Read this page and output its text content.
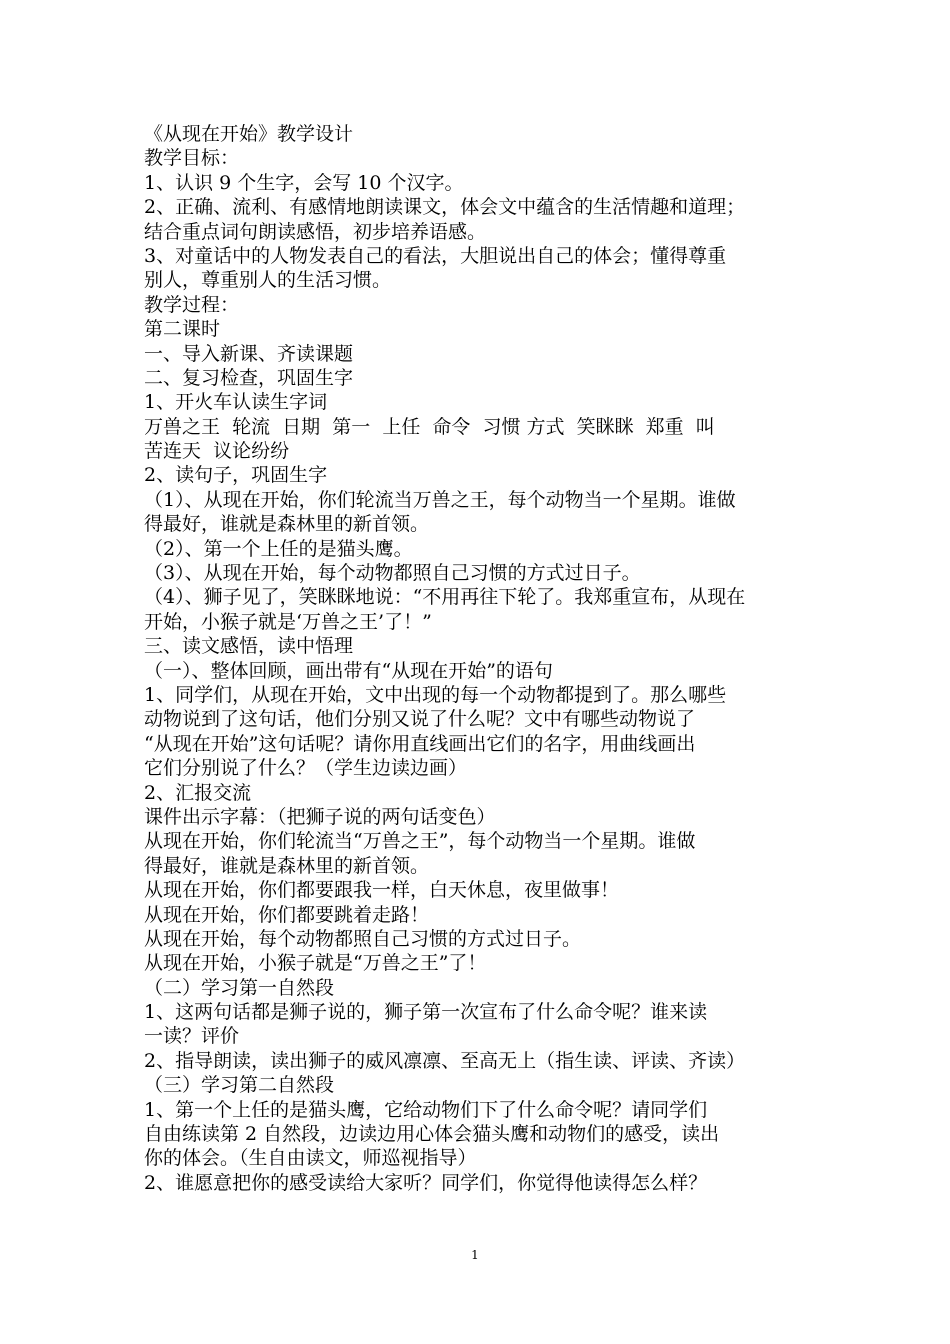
《从现在开始》教学设计
教学目标：
1、认识 9 个生字，会写 10 个汉字。
2、正确、流利、有感情地朗读课文，体会文中蕴含的生活情趣和道理；
结合重点词句朗读感悟，初步培养语感。
3、对童话中的人物发表自己的看法，大胆说出自己的体会；懂得尊重
别人，尊重别人的生活习惯。
教学过程：
第二课时
一、导入新课、齐读课题
二、复习检查，巩固生字
1、开火车认读生字词
万兽之王  轮流  日期  第一  上任  命令  习惯 方式  笑眯眯  郑重  叫
苦连天  议论纷纷
2、读句子，巩固生字
（1）、从现在开始，你们轮流当万兽之王，每个动物当一个星期。谁做
得最好，谁就是森林里的新首领。
（2）、第一个上任的是猫头鹰。
（3）、从现在开始，每个动物都照自己习惯的方式过日子。
（4）、狮子见了，笑眯眯地说：“不用再往下轮了。我郑重宣布，从现在
开始，小猴子就是‘万兽之王’了！”
三、读文感悟，读中悟理
（一）、整体回顾，画出带有“从现在开始”的语句
1、同学们，从现在开始，文中出现的每一个动物都提到了。那么哪些
动物说到了这句话，他们分别又说了什么呢？文中有哪些动物说了
“从现在开始”这句话呢？请你用直线画出它们的名字，用曲线画出
它们分别说了什么？（学生边读边画）
2、汇报交流
课件出示字幕：（把狮子说的两句话变色）
从现在开始，你们轮流当“万兽之王”，每个动物当一个星期。谁做
得最好，谁就是森林里的新首领。
从现在开始，你们都要跟我一样，白天休息，夜里做事！
从现在开始，你们都要跳着走路！
从现在开始，每个动物都照自己习惯的方式过日子。
从现在开始，小猴子就是“万兽之王”了！
（二）学习第一自然段
1、这两句话都是狮子说的，狮子第一次宣布了什么命令呢？谁来读
一读？评价
2、指导朗读，读出狮子的威风凛凛、至高无上（指生读、评读、齐读）
（三）学习第二自然段
1、第一个上任的是猫头鹰，它给动物们下了什么命令呢？请同学们
自由练读第 2 自然段，边读边用心体会猫头鹰和动物们的感受，读出
你的体会。（生自由读文，师巡视指导）
2、谁愿意把你的感受读给大家听？同学们，你觉得他读得怎么样？
1
